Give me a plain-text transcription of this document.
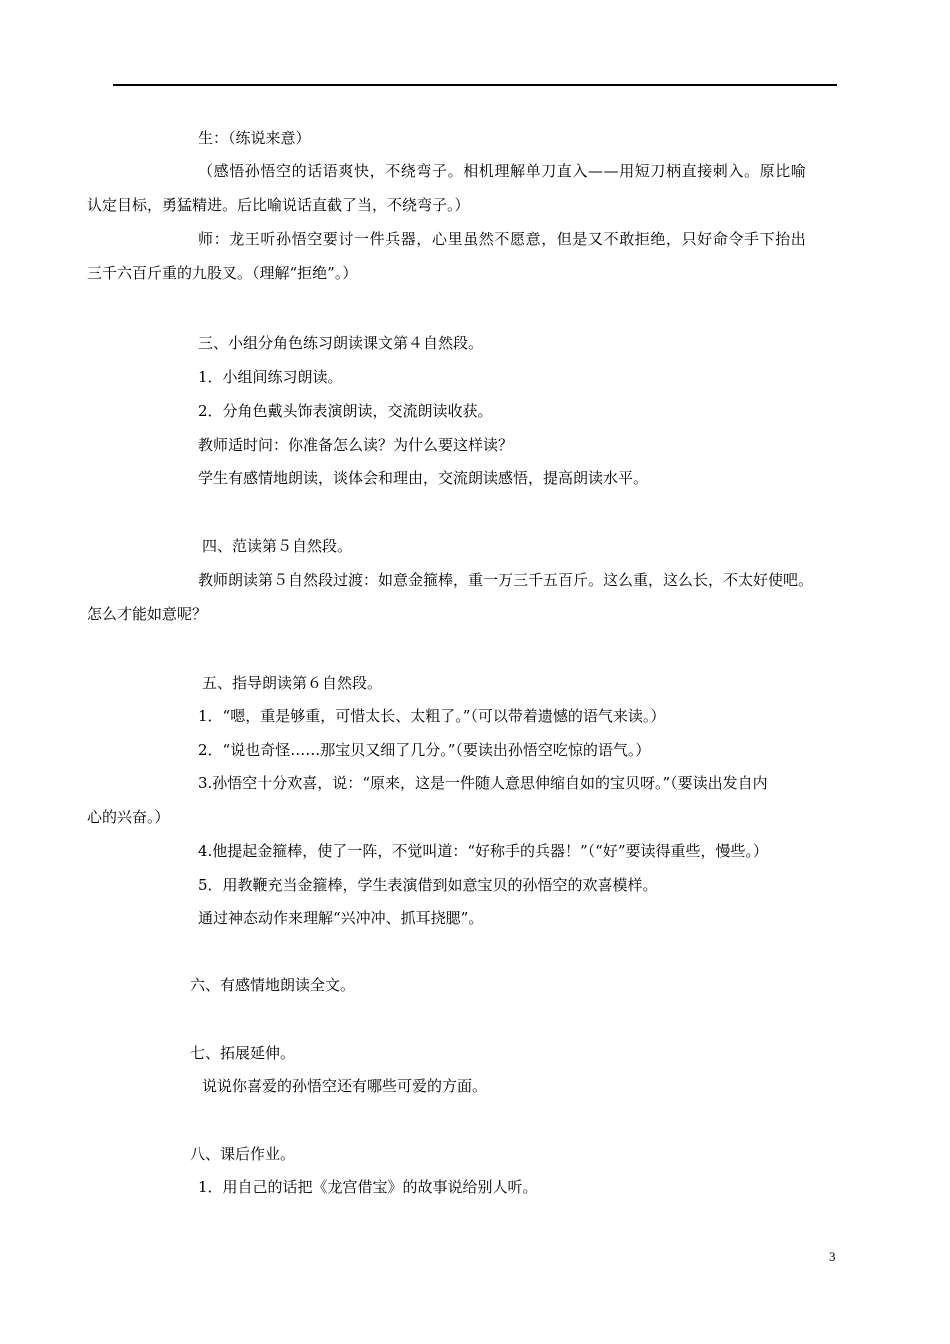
生：（练说来意）
（感悟孙悟空的话语爽快，不绕弯子。相机理解单刀直入——用短刀柄直接刺入。原比喻
认定目标，勇猛精进。后比喻说话直截了当，不绕弯子。）
师：龙王听孙悟空要讨一件兵器，心里虽然不愿意，但是又不敢拒绝，只好命令手下抬出
三千六百斤重的九股叉。（理解“拒绝”。）
三、小组分角色练习朗读课文第４自然段。
1．小组间练习朗读。
2．分角色戴头饰表演朗读，交流朗读收获。
教师适时问：你准备怎么读？为什么要这样读？
学生有感情地朗读，谈体会和理由，交流朗读感悟，提高朗读水平。
四、范读第５自然段。
教师朗读第５自然段过渡：如意金箍棒，重一万三千五百斤。这么重，这么长，不太好使吧。
怎么才能如意呢？
五、指导朗读第６自然段。
1．“嗯，重是够重，可惜太长、太粗了。”（可以带着遗憾的语气来读。）
2．“说也奇怪……那宝贝又细了几分。”（要读出孙悟空吃惊的语气。）
3.孙悟空十分欢喜，说：“原来，这是一件随人意思伸缩自如的宝贝呀。”（要读出发自内
心的兴奋。）
4.他提起金箍棒，使了一阵，不觉叫道：“好称手的兵器！”（“好”要读得重些，慢些。）
5．用教鞭充当金箍棒，学生表演借到如意宝贝的孙悟空的欢喜模样。
通过神态动作来理解“兴冲冲、抓耳挠腮”。
六、有感情地朗读全文。
七、拓展延伸。
说说你喜爱的孙悟空还有哪些可爱的方面。
八、课后作业。
1．用自己的话把《龙宫借宝》的故事说给别人听。
3
